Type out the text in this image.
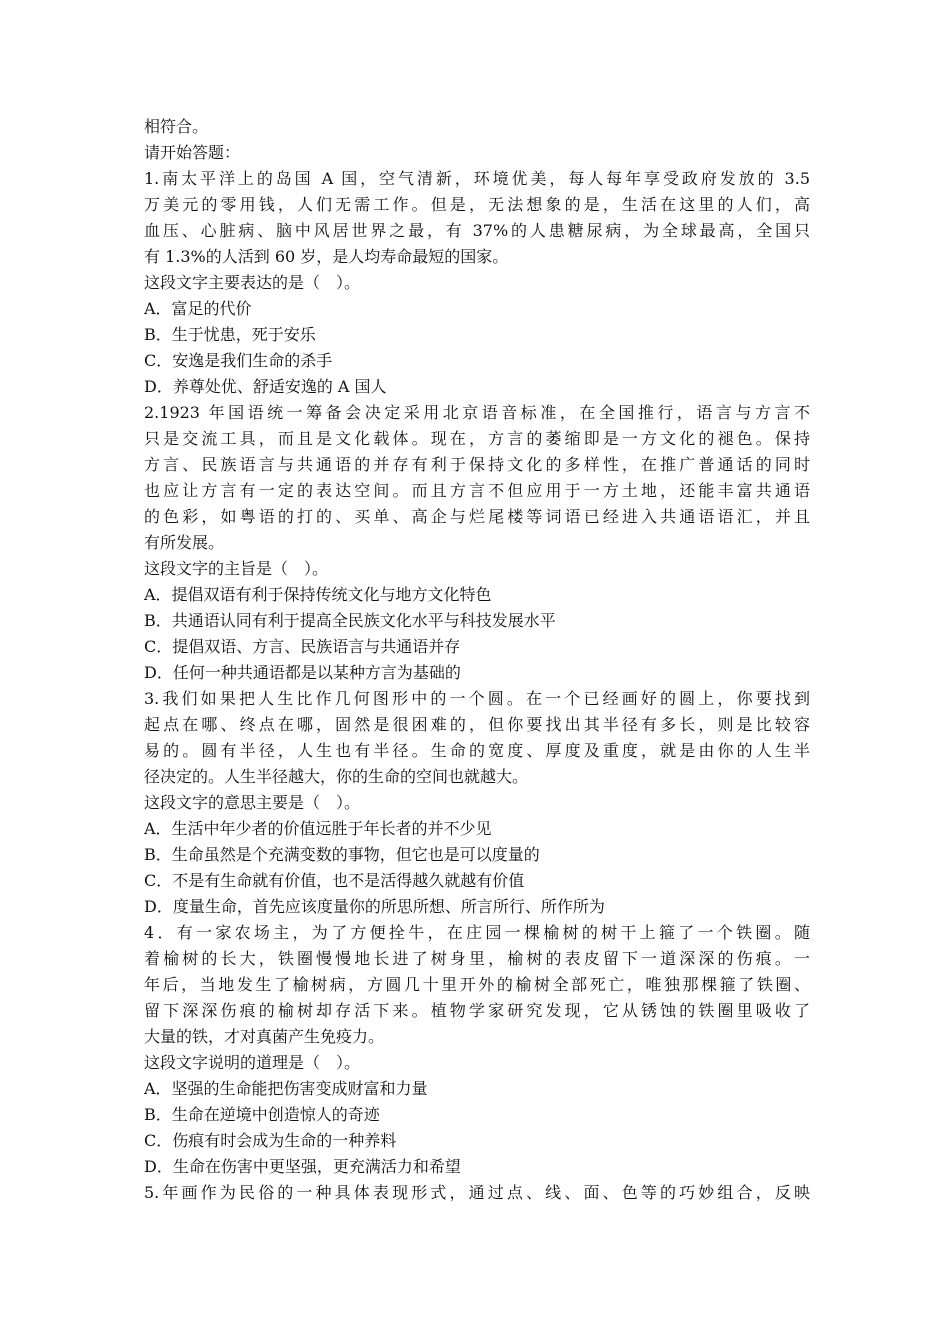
相符合。
请开始答题：
1.南太平洋上的岛国 A 国，空气清新，环境优美，每人每年享受政府发放的 3.5
万美元的零用钱，人们无需工作。但是，无法想象的是，生活在这里的人们，高
血压、心脏病、脑中风居世界之最，有 37%的人患糖尿病，为全球最高，全国只
有 1.3%的人活到 60 岁，是人均寿命最短的国家。
这段文字主要表达的是（　）。
A．富足的代价
B．生于忧患，死于安乐
C．安逸是我们生命的杀手
D．养尊处优、舒适安逸的 A 国人
2.1923 年国语统一筹备会决定采用北京语音标准，在全国推行，语言与方言不
只是交流工具，而且是文化载体。现在，方言的萎缩即是一方文化的褪色。保持
方言、民族语言与共通语的并存有利于保持文化的多样性，在推广普通话的同时
也应让方言有一定的表达空间。而且方言不但应用于一方土地，还能丰富共通语
的色彩，如粤语的打的、买单、高企与烂尾楼等词语已经进入共通语语汇，并且
有所发展。
这段文字的主旨是（　）。
A．提倡双语有利于保持传统文化与地方文化特色
B．共通语认同有利于提高全民族文化水平与科技发展水平
C．提倡双语、方言、民族语言与共通语并存
D．任何一种共通语都是以某种方言为基础的
3.我们如果把人生比作几何图形中的一个圆。在一个已经画好的圆上，你要找到
起点在哪、终点在哪，固然是很困难的，但你要找出其半径有多长，则是比较容
易的。圆有半径，人生也有半径。生命的宽度、厚度及重度，就是由你的人生半
径决定的。人生半径越大，你的生命的空间也就越大。
这段文字的意思主要是（　）。
A．生活中年少者的价值远胜于年长者的并不少见
B．生命虽然是个充满变数的事物，但它也是可以度量的
C．不是有生命就有价值，也不是活得越久就越有价值
D．度量生命，首先应该度量你的所思所想、所言所行、所作所为
4．有一家农场主，为了方便拴牛，在庄园一棵榆树的树干上箍了一个铁圈。随
着榆树的长大，铁圈慢慢地长进了树身里，榆树的表皮留下一道深深的伤痕。一
年后，当地发生了榆树病，方圆几十里开外的榆树全部死亡，唯独那棵箍了铁圈、
留下深深伤痕的榆树却存活下来。植物学家研究发现，它从锈蚀的铁圈里吸收了
大量的铁，才对真菌产生免疫力。
这段文字说明的道理是（　）。
A．坚强的生命能把伤害变成财富和力量
B．生命在逆境中创造惊人的奇迹
C．伤痕有时会成为生命的一种养料
D．生命在伤害中更坚强，更充满活力和希望
5.年画作为民俗的一种具体表现形式，通过点、线、面、色等的巧妙组合，反映
